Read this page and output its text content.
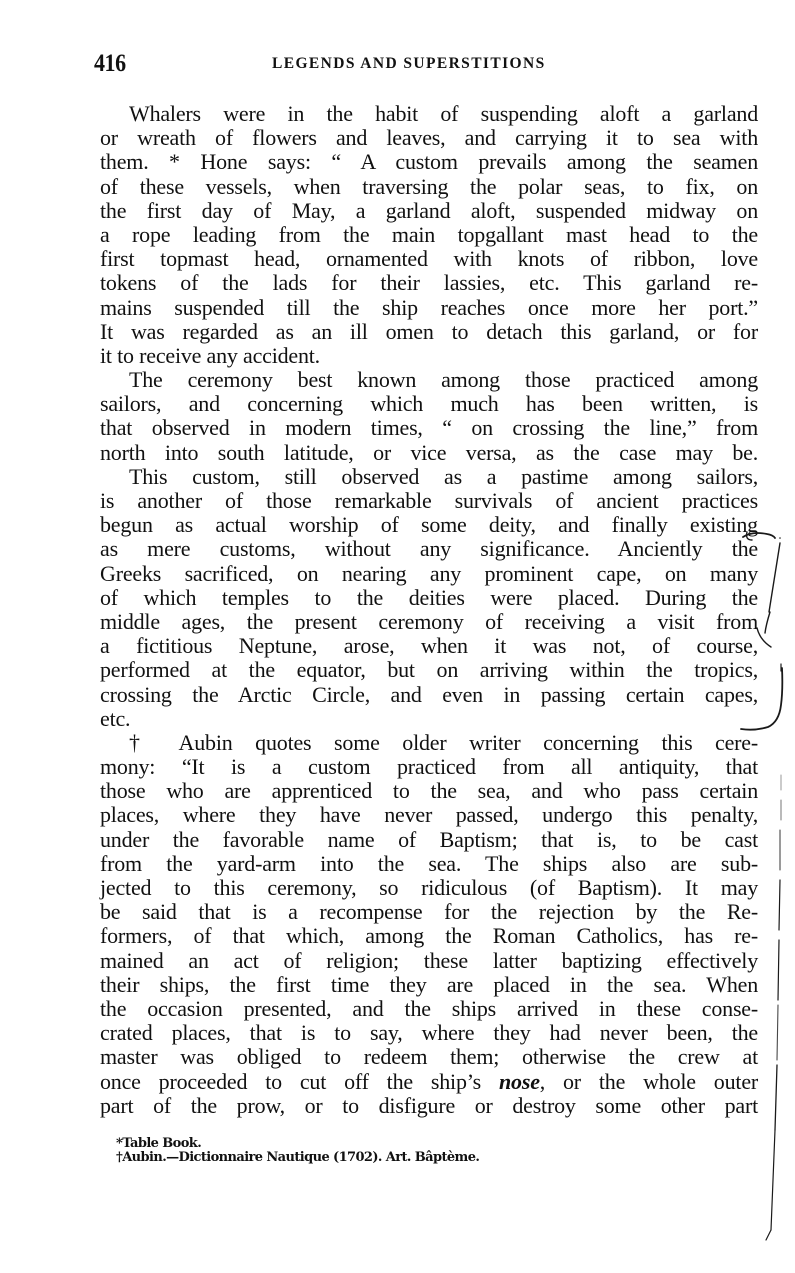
416	LEGENDS AND SUPERSTITIONS
Whalers were in the habit of suspending aloft a garland
or wreath of flowers and leaves, and carrying it to sea with
them. * Hone says: “ A custom prevails among the seamen
of these vessels, when traversing the polar seas, to fix, on
the first day of May, a garland aloft, suspended midway on
a rope leading from the main topgallant mast head to the
first topmast head, ornamented with knots of ribbon, love
tokens of the lads for their lassies, etc. This garland re-
mains suspended till the ship reaches once more her port.”
It was regarded as an ill omen to detach this garland, or for
it to receive any accident.
The ceremony best known among those practiced among
sailors, and concerning which much has been written, is
that observed in modern times, “ on crossing the line,” from
north into south latitude, or vice versa, as the case may be.
This custom, still observed as a pastime among sailors,
is another of those remarkable survivals of ancient practices
begun as actual worship of some deity, and finally existing
as mere customs, without any significance. Anciently the
Greeks sacrificed, on nearing any prominent cape, on many
of which temples to the deities were placed. During the
middle ages, the present ceremony of receiving a visit from
a fictitious Neptune, arose, when it was not, of course,
performed at the equator, but on arriving within the tropics,
crossing the Arctic Circle, and even in passing certain capes,
etc.
† Aubin quotes some older writer concerning this cere-
mony: “It is a custom practiced from all antiquity, that
those who are apprenticed to the sea, and who pass certain
places, where they have never passed, undergo this penalty,
under the favorable name of Baptism; that is, to be cast
from the yard-arm into the sea. The ships also are sub-
jected to this ceremony, so ridiculous (of Baptism). It may
be said that is a recompense for the rejection by the Re-
formers, of that which, among the Roman Catholics, has re-
mained an act of religion; these latter baptizing effectively
their ships, the first time they are placed in the sea. When
the occasion presented, and the ships arrived in these conse-
crated places, that is to say, where they had never been, the
master was obliged to redeem them; otherwise the crew at
once proceeded to cut off the ship’s nose, or the whole outer
part of the prow, or to disfigure or destroy some other part
*Table Book.
†Aubin.—Dictionnaire Nautique (1702). Art. Bâptème.
